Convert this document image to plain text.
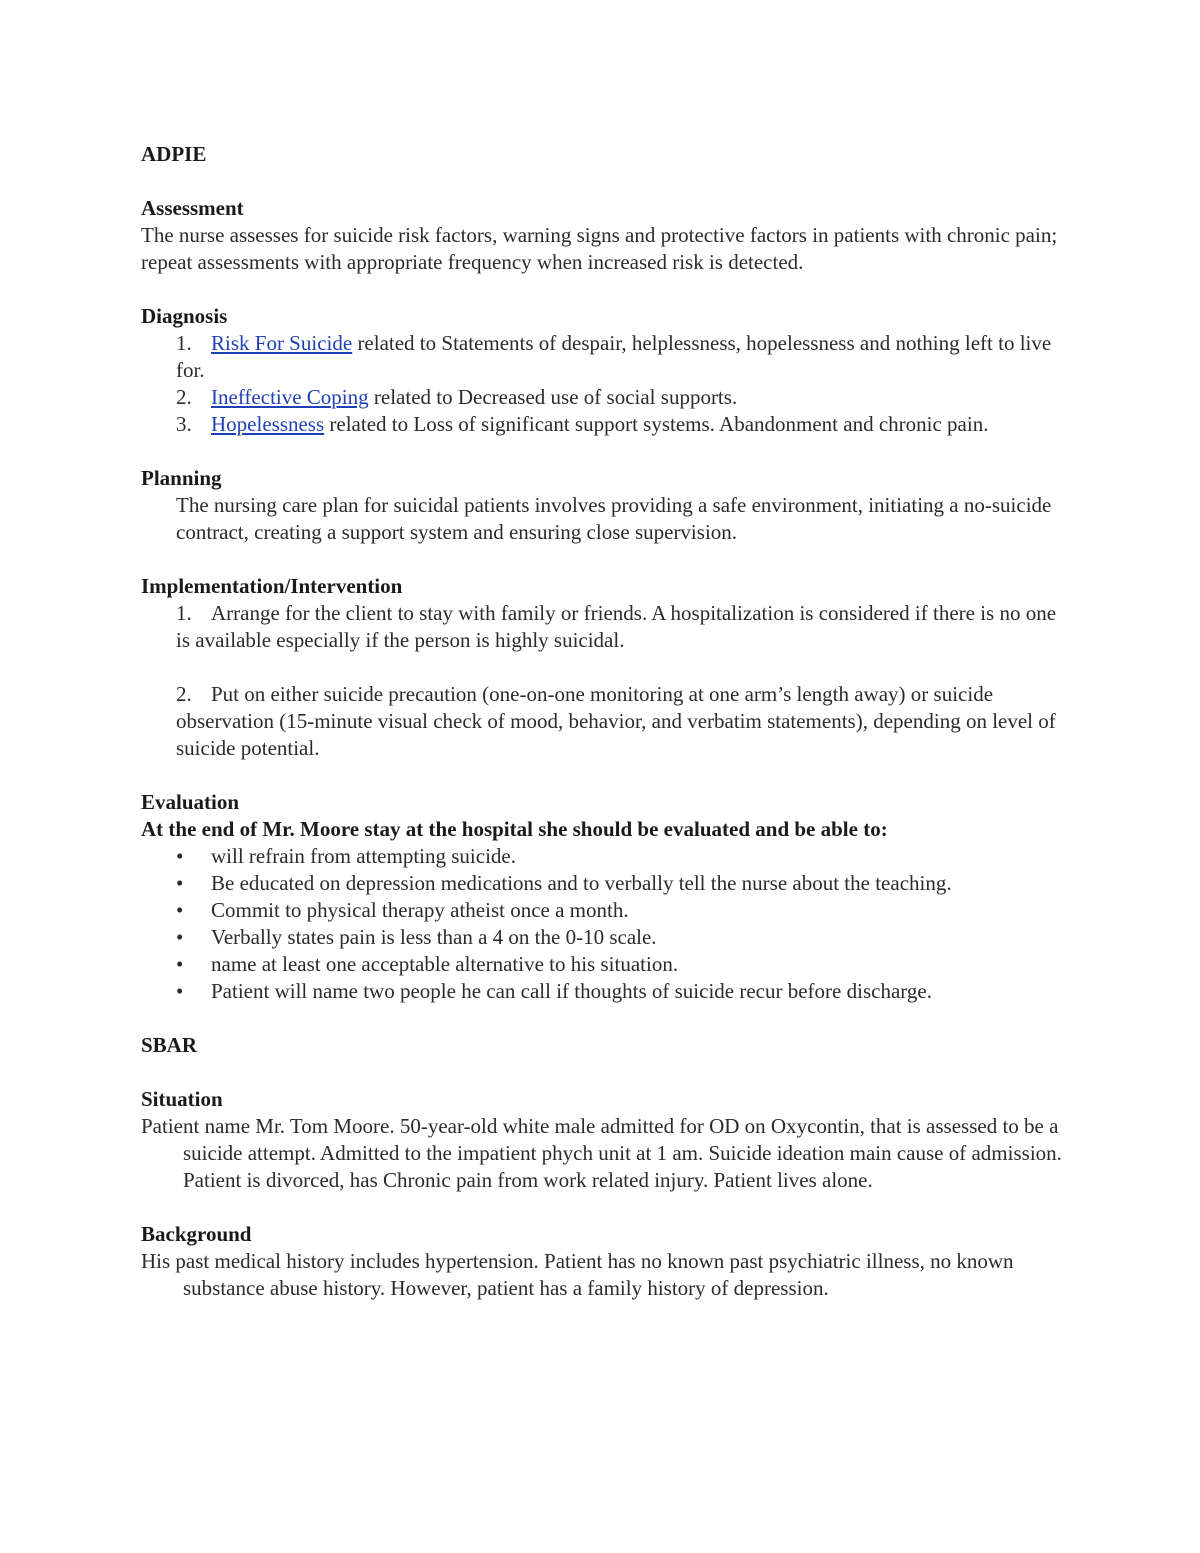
ADPIE
Assessment

The nurse assesses for suicide risk factors, warning signs and protective factors in patients with chronic pain; repeat assessments with appropriate frequency when increased risk is detected.

Diagnosis
1. Risk For Suicide related to Statements of despair, helplessness, hopelessness and nothing left to live for.
2. Ineffective Coping related to Decreased use of social supports.
3. Hopelessness related to Loss of significant support systems. Abandonment and chronic pain.
Planning

The nursing care plan for suicidal patients involves providing a safe environment, initiating a no-suicide contract, creating a support system and ensuring close supervision.

Implementation/Intervention
1. Arrange for the client to stay with family or friends. A hospitalization is considered if there is no one is available especially if the person is highly suicidal.
2. Put on either suicide precaution (one-on-one monitoring at one arm’s length away) or suicide observation (15-minute visual check of mood, behavior, and verbatim statements), depending on level of suicide potential.
Evaluation
At the end of Mr. Moore stay at the hospital she should be evaluated and be able to:
• will refrain from attempting suicide.
• Be educated on depression medications and to verbally tell the nurse about the teaching.
• Commit to physical therapy atheist once a month.
• Verbally states pain is less than a 4 on the 0-10 scale.
• name at least one acceptable alternative to his situation.
• Patient will name two people he can call if thoughts of suicide recur before discharge.
SBAR
Situation

Patient name Mr. Tom Moore. 50-year-old white male admitted for OD on Oxycontin, that is assessed to be a suicide attempt. Admitted to the impatient phych unit at 1 am. Suicide ideation main cause of admission. Patient is divorced, has Chronic pain from work related injury. Patient lives alone.

Background

His past medical history includes hypertension. Patient has no known past psychiatric illness, no known substance abuse history. However, patient has a family history of depression.
